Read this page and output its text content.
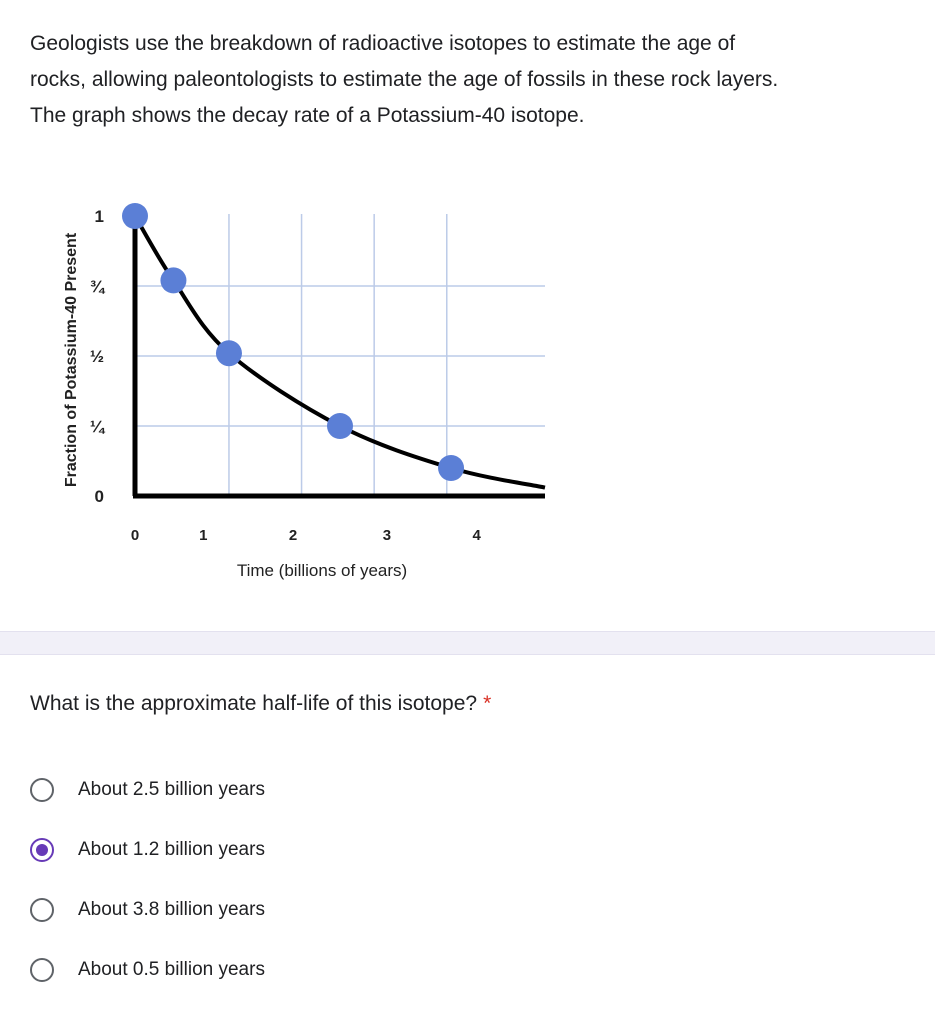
Geologists use the breakdown of radioactive isotopes to estimate the age of
rocks, allowing paleontologists to estimate the age of fossils in these rock layers.
The graph shows the decay rate of a Potassium-40 isotope.
0	1	2	3	4
0
¼
½
¾
1
Time (billions of years)
Fraction of Potassium-40 Present

What is the approximate half-life of this isotope? *

About 2.5 billion years
About 1.2 billion years
About 3.8 billion years
About 0.5 billion years
